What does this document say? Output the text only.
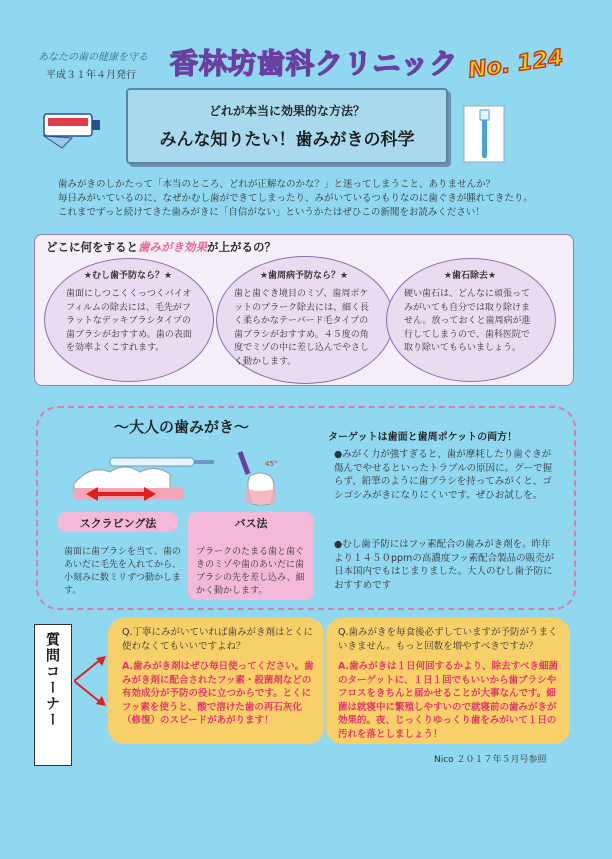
あなたの歯の健康を守る
平成３１年４月発行 香林坊歯科クリニック No. 124
どれが本当に効果的な方法？
みんな知りたい！歯みがきの科学
歯みがきのしかたって「本当のところ、どれが正解なのかな？」と迷ってしまうこと、ありませんか？
毎日みがいているのに、なぜかむし歯ができてしまったり、みがいているつもりなのに歯ぐきが腫れてきたり。
これまでずっと続けてきた歯みがきに「自信がない」というかたはぜひこの新聞をお読みください！
どこに何をすると歯みがき効果が上がるの？
★むし歯予防なら？★
歯面にしつこくくっつくバイオフィルムの除去には、毛先がフラットなデッキブラシタイプの歯ブラシがおすすめ。歯の表面を効率よくこすれます。
★歯周病予防なら？★
歯と歯ぐき境目のミゾ、歯周ポケットのプラーク除去には、細く長く柔らかなテーパード毛タイプの歯ブラシがおすすめ。４５度の角度でミゾの中に差し込んでやさしく動かします。
★歯石除去★
硬い歯石は、どんなに頑張ってみがいても自分では取り除けません。放っておくと歯周病が進行してしまうので、歯科医院で取り除いてもらいましょう。
～大人の歯みがき～
45°
スクラビング法
歯面に歯ブラシを当て、歯のあいだに毛先を入れてから、小刻みに数ミリずつ動かします。
バス法
プラークのたまる歯と歯ぐきのミゾや歯のあいだに歯ブラシの先を差し込み、細かく動かします。
ターゲットは歯面と歯周ポケットの両方！
●みがく力が強すぎると、歯が摩耗したり歯ぐきが傷んでやせるといったトラブルの原因に。グーで握らず、鉛筆のように歯ブラシを持ってみがくと、ゴシゴシみがきになりにくいです。ぜひお試しを。
●むし歯予防にはフッ素配合の歯みがき剤を。昨年より１４５０ppmの高濃度フッ素配合製品の販売が日本国内でもはじまりました。大人のむし歯予防におすすめです
質問コーナー	Q.丁寧にみがいていれば歯みがき剤はとくに使わなくてもいいですよね？
A.歯みがき剤はぜひ毎日使ってください。歯みがき剤に配合されたフッ素・殺菌剤などの有効成分が予防の役に立つからです。とくにフッ素を使うと、酸で溶けた歯の再石灰化（修復）のスピードがあがります！
Q.歯みがきを毎食後必ずしていますが予防がうまくいきません。もっと回数を増やすべきですか？
A.歯みがきは１日何回するかより、除去すべき細菌のターゲットに、１日１回でもいいから歯ブラシやフロスをきちんと届かせることが大事なんです。細菌は就寝中に繁殖しやすいので就寝前の歯みがきが効果的。夜、じっくりゆっくり歯をみがいて１日の汚れを落としましょう！
Nico ２０１７年５月号参照
